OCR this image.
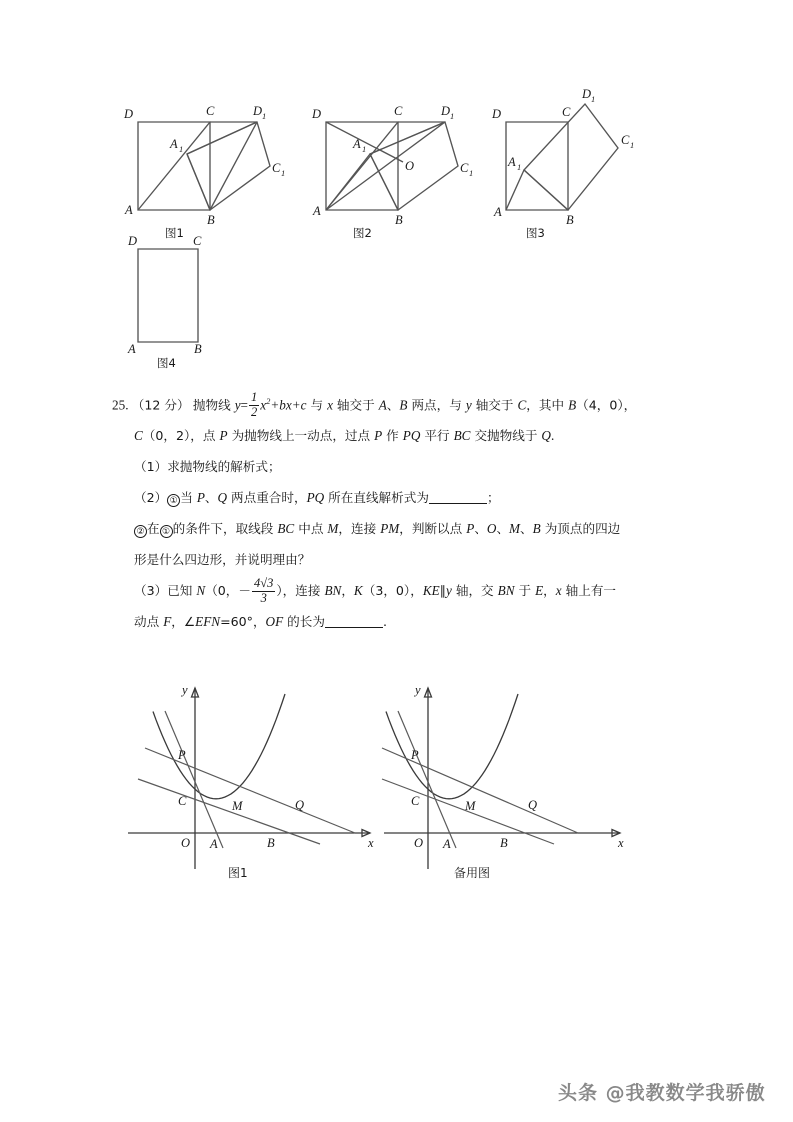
A
B
C
D
A 1
C 1
D 1
图1
A
B
C
D
O
A 1
C 1
D 1
图2
A
B
C
D
A 1
C 1
D 1
图3
A	B
C
D
图4
25. （12 分） 抛物线 $y= \frac{1}{2} x^2+bx+c$ 与 x 轴交于 A、B 两点，与 y 轴交于 C，其中 B（4，0），
C（0，2），点 P 为抛物线上一动点，过点 P 作 PQ 平行 BC 交抛物线于 Q.
（1）求抛物线的解析式；
（2） ① 当 P、Q 两点重合时，PQ 所在直线解析式为	；
② 在 ① 的条件下，取线段 BC 中点 M，连接 PM，判断以点 P、O、M、B 为顶点的四边
形是什么四边形，并说明理由？
（3）已知 N（0，－ $\frac{4√3}{3}$ ），连接 BN，K（3，0），KE∥y 轴，交 BN 于 E，x 轴上有一
动点 F，∠EFN=60°，OF 的长为	.
P
C	M	Q
O A	B	x
y
图1
P
C	M	Q
O A	B	x
y
备用图
头条 @我教数学我骄傲
